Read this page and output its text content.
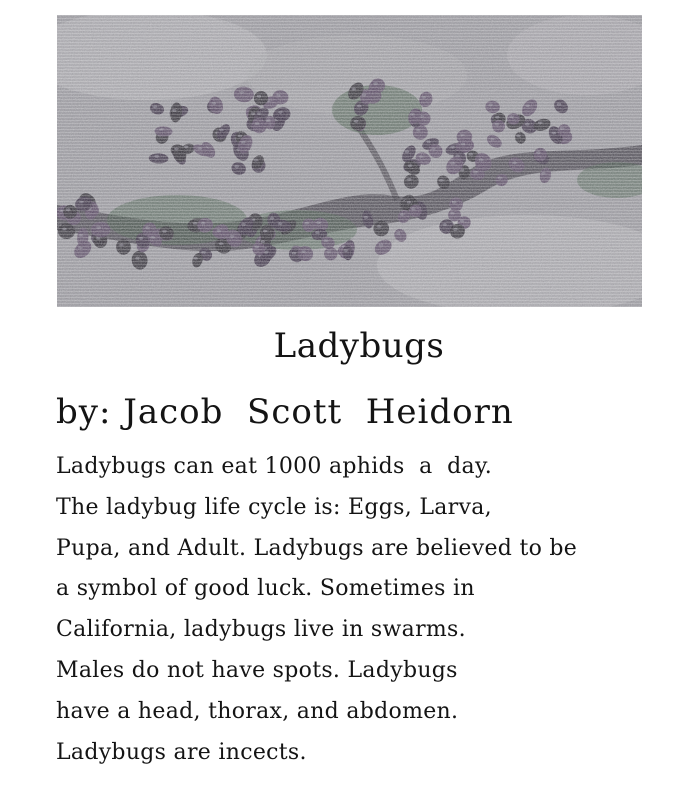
Ladybugs
by: Jacob  Scott  Heidorn
Ladybugs can eat 1000 aphids  a  day.
The ladybug life cycle is: Eggs, Larva,
Pupa, and Adult. Ladybugs are believed to be
a symbol of good luck. Sometimes in
California, ladybugs live in swarms.
Males do not have spots. Ladybugs
have a head, thorax, and abdomen.
Ladybugs are incects.
